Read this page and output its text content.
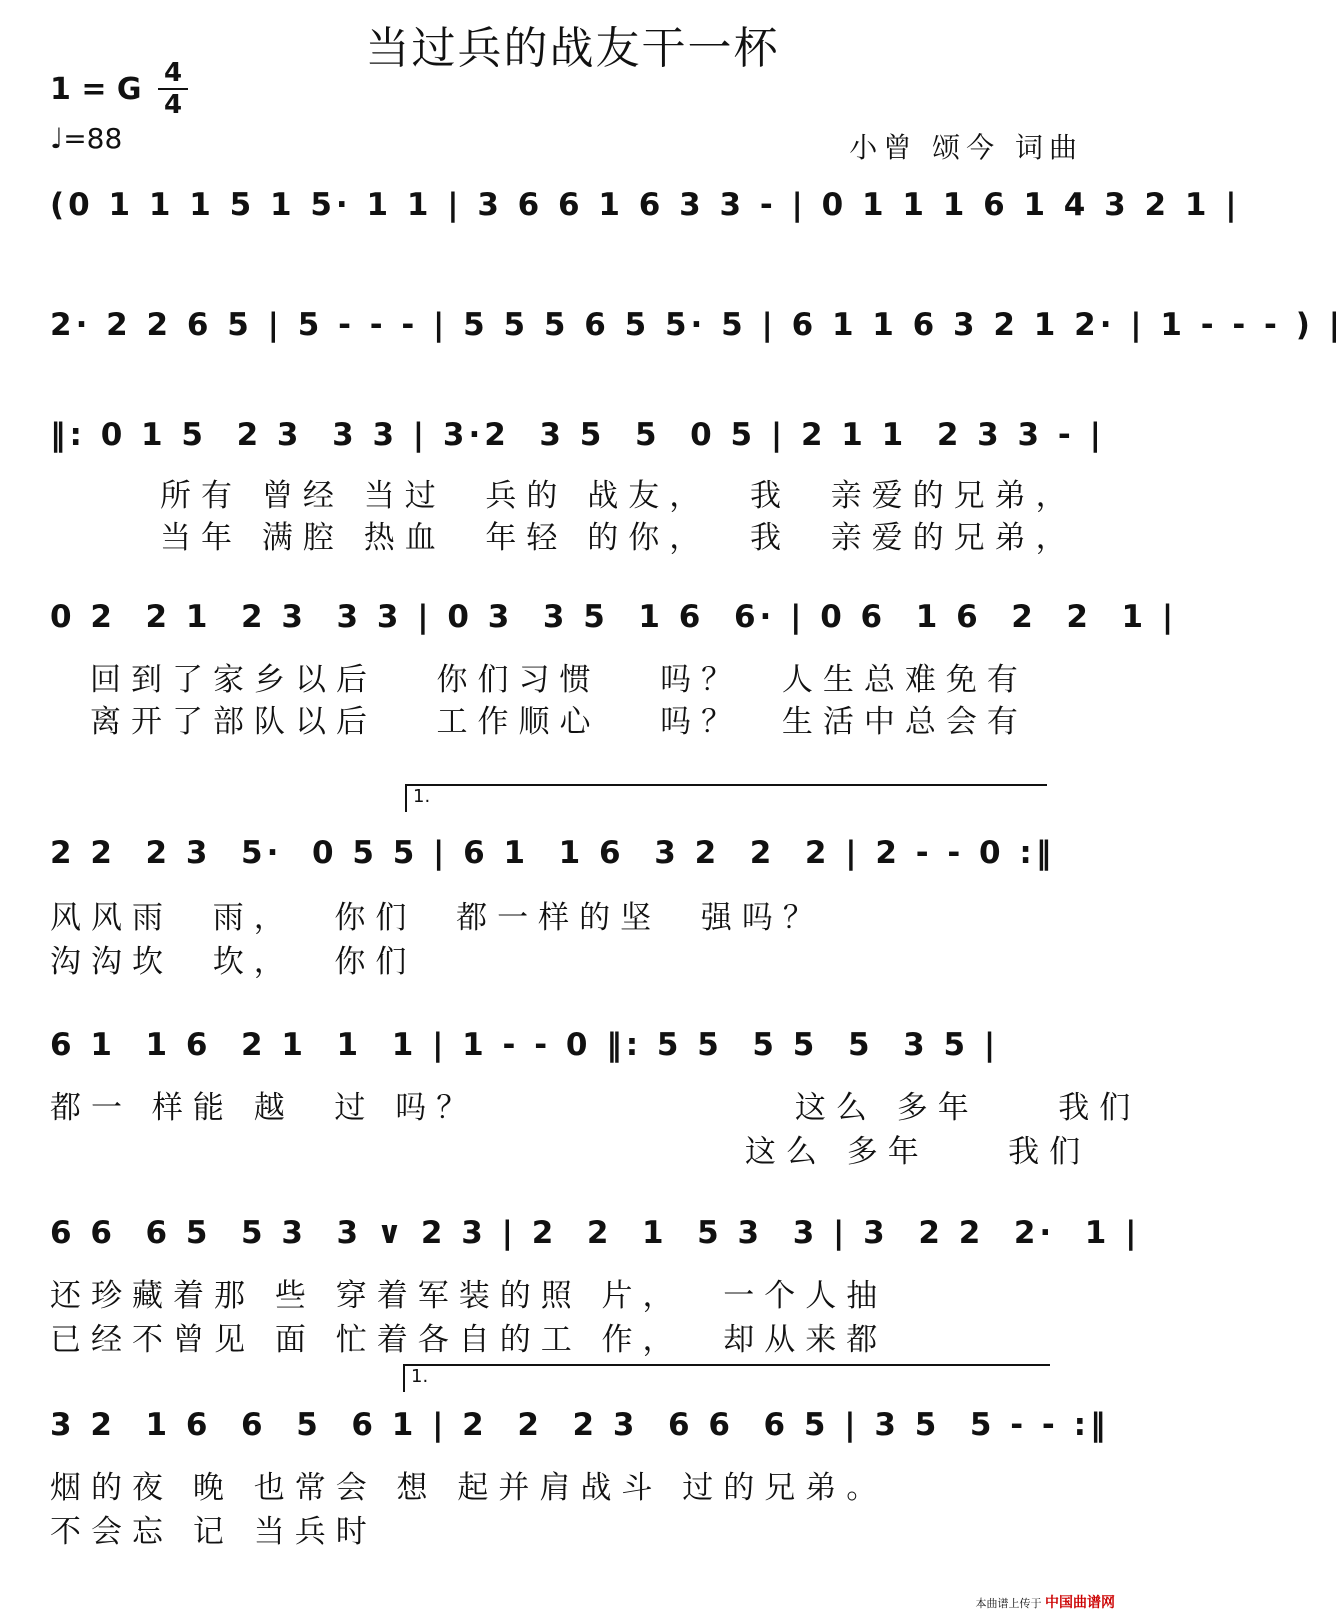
当过兵的战友干一杯
1 = G 4
4
♩=88	小曾 颂今 词曲
(0 1 1 1 5 1 5· 1 1 | 3 6 6 1 6 3 3 - | 0 1 1 1 6 1 4 3 2 1 |
2· 2 2 6 5 | 5 - - - | 5 5 5 6 5 5· 5 | 6 1 1 6 3 2 1 2· | 1 - - - ) |
‖: 0 1 5  2 3  3 3 | 3·2  3 5  5  0 5 | 2 1 1  2 3 3 - |
所有 曾经 当过  兵的 战友，  我  亲爱的兄弟，
当年 满腔 热血  年轻 的你，  我  亲爱的兄弟，
0 2  2 1  2 3  3 3 | 0 3  3 5  1 6  6· | 0 6  1 6  2  2  1 |
回到了家乡以后   你们习惯   吗？  人生总难免有
离开了部队以后   工作顺心   吗？  生活中总会有
1.
2 2  2 3  5·  0 5 5 | 6 1  1 6  3 2  2  2 | 2 - - 0 :‖
风风雨  雨，  你们  都一样的坚  强吗？
沟沟坎  坎，  你们
6 1  1 6  2 1  1  1 | 1 - - 0 ‖: 5 5  5 5  5  3 5 |
都一 样能 越  过 吗？                这么 多年    我们
这么 多年    我们
6 6  6 5  5 3  3 ∨ 2 3 | 2  2  1  5 3  3 | 3  2 2  2·  1 |
还珍藏着那 些 穿着军装的照 片，  一个人抽
已经不曾见 面 忙着各自的工 作，  却从来都
1.
3 2  1 6  6  5  6 1 | 2  2  2 3  6 6  6 5 | 3 5  5 - - :‖
烟的夜 晚 也常会 想 起并肩战斗 过的兄弟。
不会忘 记 当兵时
本曲谱上传于 中国曲谱网
